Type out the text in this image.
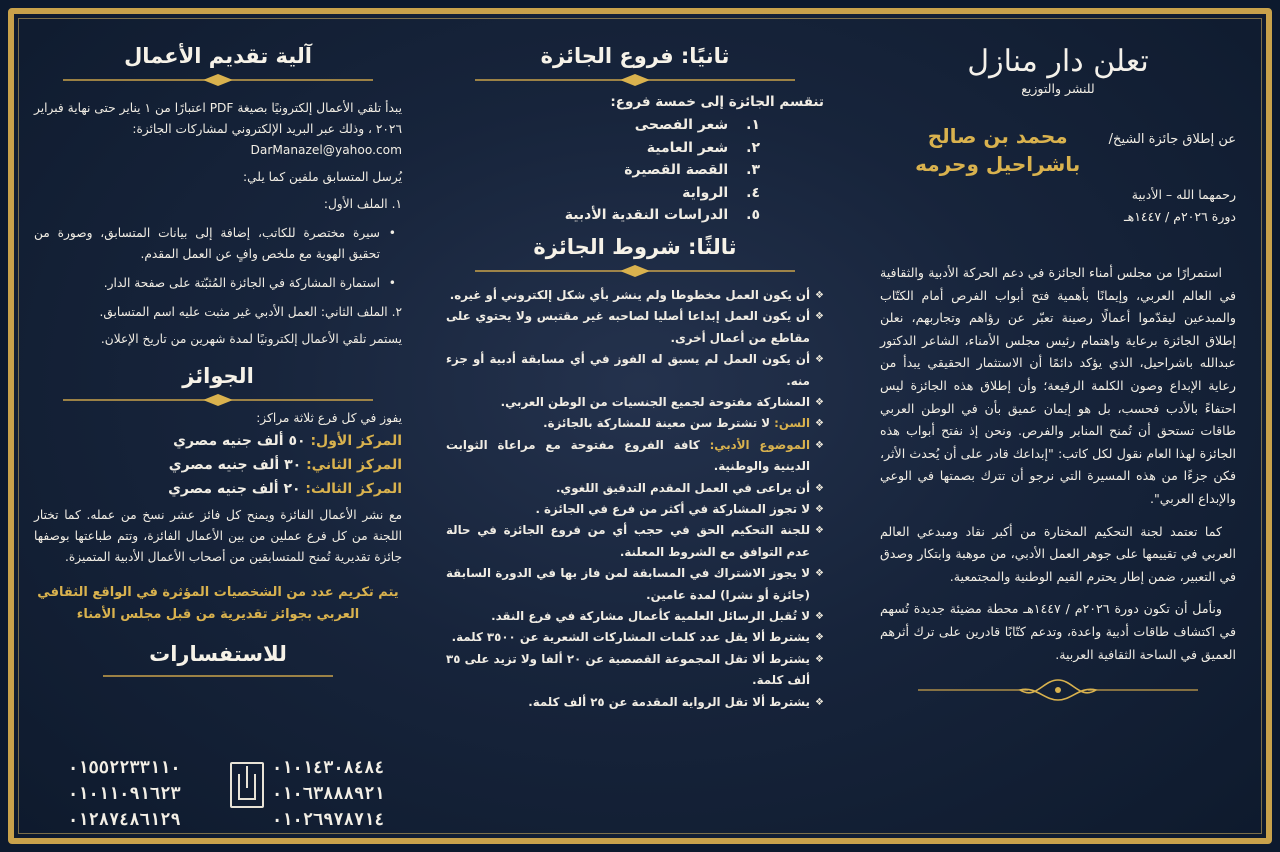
تعلن دار منازل
للنشر والتوزيع
عن إطلاق جائزة الشيخ/
محمد بن صالح باشراحيل وحرمه
رحمهما الله – الأدبية
دورة ٢٠٢٦م / ١٤٤٧هـ

استمرارًا من مجلس أمناء الجائزة في دعم الحركة الأدبية والثقافية في العالم العربي، وإيمانًا بأهمية فتح أبواب الفرص أمام الكتّاب والمبدعين ليقدّموا أعمالًا رصينة تعبّر عن رؤاهم وتجاربهم، نعلن إطلاق الجائزة برعاية واهتمام رئيس مجلس الأمناء، الشاعر الدكتور عبدالله باشراحيل، الذي يؤكد دائمًا أن الاستثمار الحقيقي يبدأ من رعاية الإبداع وصون الكلمة الرفيعة؛ وأن إطلاق هذه الجائزة ليس احتفاءً بالأدب فحسب، بل هو إيمان عميق بأن في الوطن العربي طاقات تستحق أن تُمنح المنابر والفرص. ونحن إذ نفتح أبواب هذه الجائزة لهذا العام نقول لكل كاتب: "إبداعك قادر على أن يُحدث الأثر، فكن جزءًا من هذه المسيرة التي نرجو أن تترك بصمتها في الوعي والإبداع العربي".

كما تعتمد لجنة التحكيم المختارة من أكبر نقاد ومبدعي العالم العربي في تقييمها على جوهر العمل الأدبي، من موهبة وابتكار وصدق في التعبير، ضمن إطار يحترم القيم الوطنية والمجتمعية.

ونأمل أن تكون دورة ٢٠٢٦م / ١٤٤٧هـ محطة مضيئة جديدة تُسهم في اكتشاف طاقات أدبية واعدة، وتدعم كتّابًا قادرين على ترك أثرهم العميق في الساحة الثقافية العربية.

ثانيًا: فروع الجائزة
تنقسم الجائزة إلى خمسة فروع:
١.
شعر الفصحى
٢.
شعر العامية
٣.
القصة القصيرة
٤.
الرواية
٥.
الدراسات النقدية الأدبية
ثالثًا: شروط الجائزة
❖ أن يكون العمل مخطوطا ولم ينشر بأي شكل إلكتروني أو غيره.
❖ أن يكون العمل إبداعا أصليا لصاحبه غير مقتبس ولا يحتوي على مقاطع من أعمال أخرى.
❖ أن يكون العمل لم يسبق له الفوز في أي مسابقة أدبية أو جزء منه.
❖ المشاركة مفتوحة لجميع الجنسيات من الوطن العربي.
❖ السن: لا تشترط سن معينة للمشاركة بالجائزة.
❖ الموضوع الأدبي: كافة الفروع مفتوحة مع مراعاة الثوابت الدينية والوطنية.
❖ أن يراعى في العمل المقدم التدقيق اللغوي.
❖ لا تجوز المشاركة في أكثر من فرع في الجائزة .
❖ للجنة التحكيم الحق في حجب أي من فروع الجائزة في حالة عدم التوافق مع الشروط المعلنة.
❖ لا يجوز الاشتراك في المسابقة لمن فاز بها في الدورة السابقة (جائزة أو نشرا) لمدة عامين.
❖ لا تُقبل الرسائل العلمية كأعمال مشاركة في فرع النقد.
❖ يشترط ألا يقل عدد كلمات المشاركات الشعرية عن ٣٥٠٠ كلمة.
❖ يشترط ألا تقل المجموعة القصصية عن ٢٠ ألفا ولا تزيد على ٣٥ ألف كلمة.
❖ يشترط ألا تقل الرواية المقدمة عن ٢٥ ألف كلمة.
آلية تقديم الأعمال

يبدأ تلقي الأعمال إلكترونيًا بصيغة PDF اعتبارًا من ١ يناير حتى نهاية فبراير ٢٠٢٦ ، وذلك عبر البريد الإلكتروني لمشاركات الجائزة:

DarManazel@yahoo.com
يُرسل المتسابق ملفين كما يلي:
١. الملف الأول:
• سيرة مختصرة للكاتب، إضافة إلى بيانات المتسابق، وصورة من تحقيق الهوية مع ملخص وافٍ عن العمل المقدم.
• استمارة المشاركة في الجائزة المُثبّتة على صفحة الدار.
٢. الملف الثاني: العمل الأدبي غير مثبت عليه اسم المتسابق.
يستمر تلقي الأعمال إلكترونيًا لمدة شهرين من تاريخ الإعلان.
الجوائز
يفوز في كل فرع ثلاثة مراكز:
المركز الأول: ٥٠ ألف جنيه مصري
المركز الثاني: ٣٠ ألف جنيه مصري
المركز الثالث: ٢٠ ألف جنيه مصري

مع نشر الأعمال الفائزة ويمنح كل فائز عشر نسخ من عمله. كما تختار اللجنة من كل فرع عملين من بين الأعمال الفائزة، وتتم طباعتها بوصفها جائزة تقديرية تُمنح للمتسابقين من أصحاب الأعمال الأدبية المتميزة.

يتم تكريم عدد من الشخصيات المؤثرة في الواقع الثقافي العربي بجوائز تقديرية من قبل مجلس الأمناء
للاستفسارات
٠١٥٥٢٢٣٣١١٠
٠١٠١١٠٩١٦٢٣
٠١٢٨٧٤٨٦١٢٩
٠١٠١٤٣٠٨٤٨٤
٠١٠٦٣٨٨٨٩٢١
٠١٠٢٦٩٧٨٧١٤
